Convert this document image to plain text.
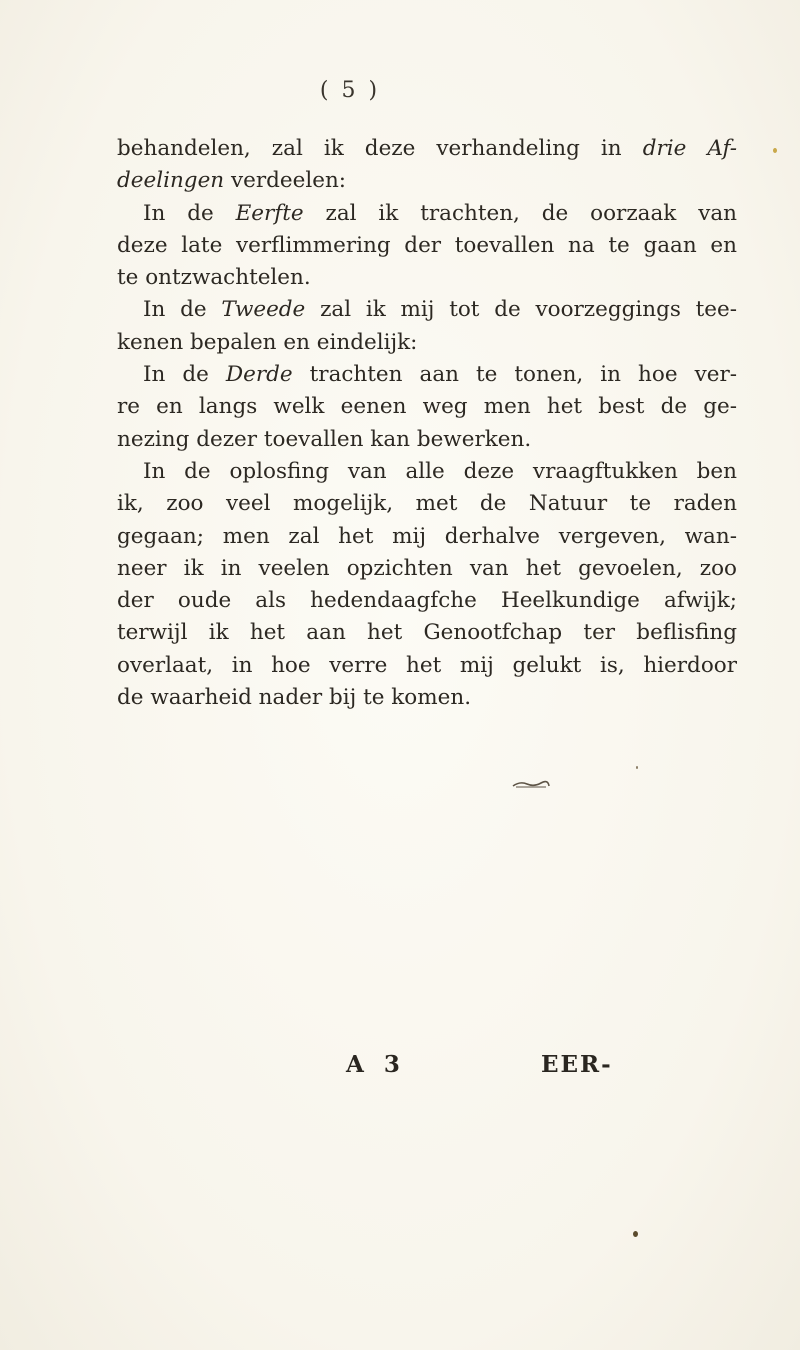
( 5 )
behandelen, zal ik deze verhandeling in drie Af-
deelingen verdeelen:
In de Eerfte zal ik trachten, de oorzaak van
deze late verflimmering der toevallen na te gaan en
te ontzwachtelen.
In de Tweede zal ik mij tot de voorzeggings tee-
kenen bepalen en eindelijk:
In de Derde trachten aan te tonen, in hoe ver-
re en langs welk eenen weg men het best de ge-
nezing dezer toevallen kan bewerken.
In de oplosfing van alle deze vraagftukken ben
ik, zoo veel mogelijk, met de Natuur te raden
gegaan; men zal het mij derhalve vergeven, wan-
neer ik in veelen opzichten van het gevoelen, zoo
der oude als hedendaagfche Heelkundige afwijk;
terwijl ik het aan het Genootfchap ter beflisfing
overlaat, in hoe verre het mij gelukt is, hierdoor
de waarheid nader bij te komen.
A 3	EER-
